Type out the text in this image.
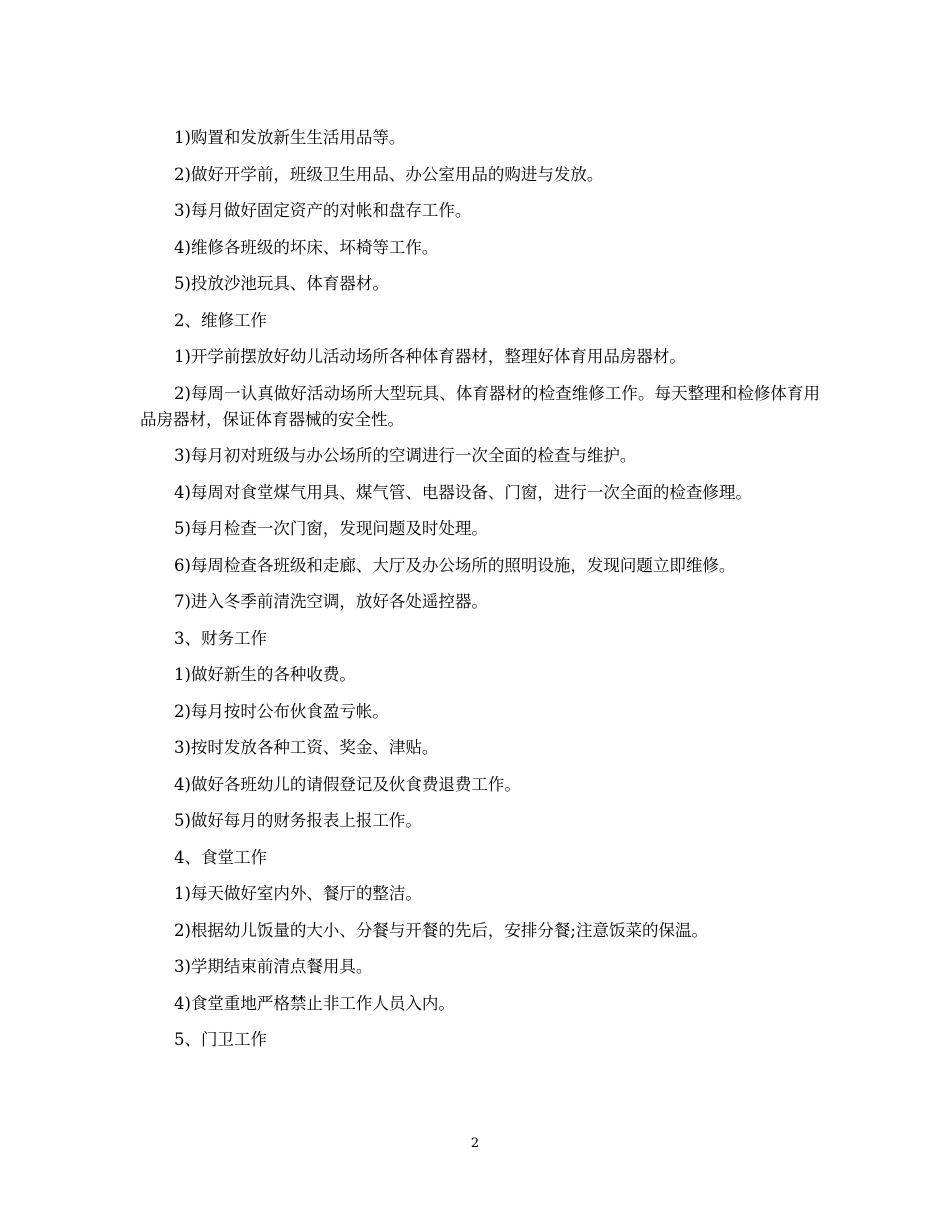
1)购置和发放新生生活用品等。

2)做好开学前，班级卫生用品、办公室用品的购进与发放。

3)每月做好固定资产的对帐和盘存工作。

4)维修各班级的坏床、坏椅等工作。

5)投放沙池玩具、体育器材。

2、维修工作

1)开学前摆放好幼儿活动场所各种体育器材，整理好体育用品房器材。

2)每周一认真做好活动场所大型玩具、体育器材的检查维修工作。每天整理和检修体育用品房器材，保证体育器械的安全性。

3)每月初对班级与办公场所的空调进行一次全面的检查与维护。

4)每周对食堂煤气用具、煤气管、电器设备、门窗，进行一次全面的检查修理。

5)每月检查一次门窗，发现问题及时处理。

6)每周检查各班级和走廊、大厅及办公场所的照明设施，发现问题立即维修。

7)进入冬季前清洗空调，放好各处遥控器。

3、财务工作

1)做好新生的各种收费。

2)每月按时公布伙食盈亏帐。

3)按时发放各种工资、奖金、津贴。

4)做好各班幼儿的请假登记及伙食费退费工作。

5)做好每月的财务报表上报工作。

4、食堂工作

1)每天做好室内外、餐厅的整洁。

2)根据幼儿饭量的大小、分餐与开餐的先后，安排分餐;注意饭菜的保温。

3)学期结束前清点餐用具。

4)食堂重地严格禁止非工作人员入内。

5、门卫工作

2
